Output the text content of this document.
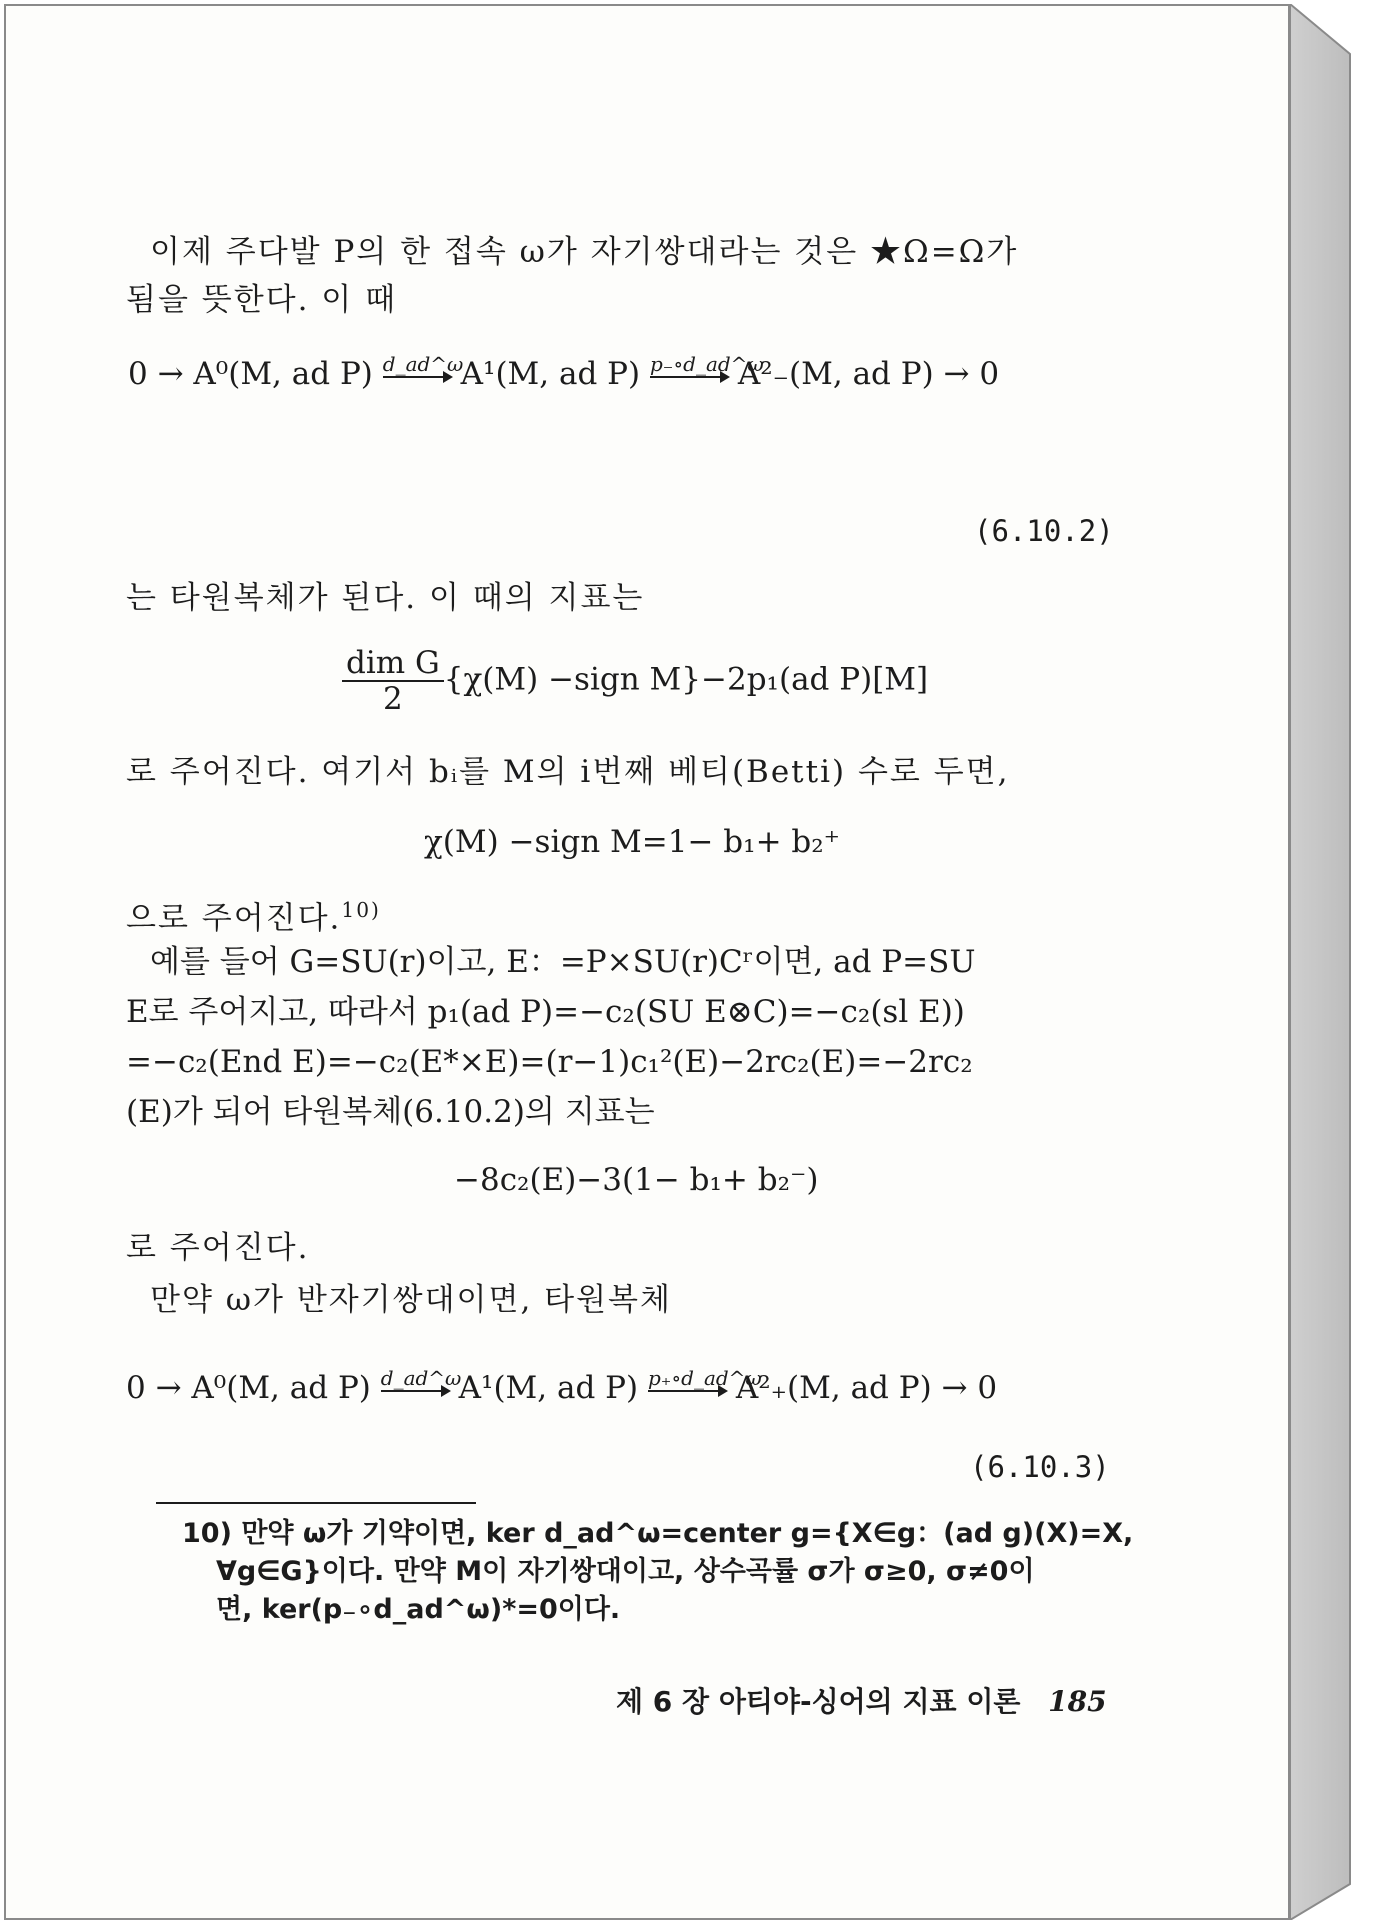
이제 주다발 P의 한 접속 ω가 자기쌍대라는 것은 ★Ω=Ω가
됨을 뜻한다. 이 때
0 → A⁰(M, ad P) d_ad^ω
A¹(M, ad P) p₋∘d_ad^ω
A²₋(M, ad P) → 0
(6.10.2)
는 타원복체가 된다. 이 때의 지표는
$\frac{\text{dim G}}{2} \{\chi(M)$ −sign M}−2p₁(ad P)[M]
로 주어진다. 여기서 bᵢ를 M의 i번째 베티(Betti) 수로 두면,
χ(M) −sign M=1− b₁+ b₂⁺
으로 주어진다.$^{10)}$
예를 들어 G=SU(r)이고, E：=P×SU(r)Cʳ이면, ad P=SU
E로 주어지고, 따라서 p₁(ad P)=−c₂(SU E⊗C)=−c₂(sl E))
=−c₂(End E)=−c₂(E*×E)=(r−1)c₁²(E)−2rc₂(E)=−2rc₂
(E)가 되어 타원복체(6.10.2)의 지표는
−8c₂(E)−3(1− b₁+ b₂⁻)
로 주어진다.
만약 ω가 반자기쌍대이면, 타원복체
0 → A⁰(M, ad P) d_ad^ω
A¹(M, ad P) p₊∘d_ad^ω
A²₊(M, ad P) → 0
(6.10.3)
10) 만약 ω가 기약이면, ker d_ad^ω=center g={X∈g：(ad g)(X)=X,
∀g∈G}이다. 만약 M이 자기쌍대이고, 상수곡률 σ가 σ≥0, σ≠0이
면, ker(p₋∘d_ad^ω)*=0이다.
제 6 장 아티야-싱어의 지표 이론 185
